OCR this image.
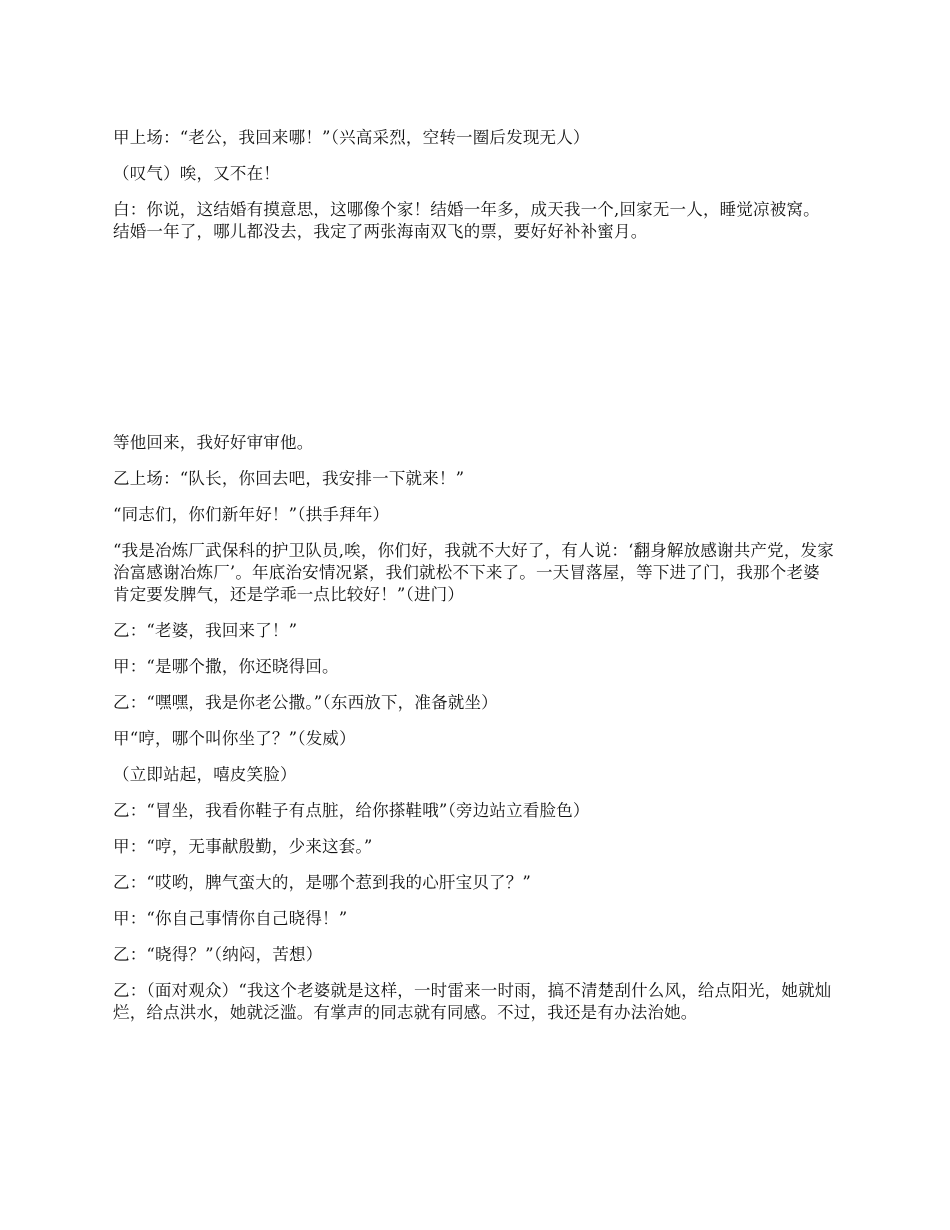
甲上场：“老公，我回来哪！”（兴高采烈，空转一圈后发现无人）

（叹气）唉，又不在！

白：你说，这结婚有摸意思，这哪像个家！结婚一年多，成天我一个,回家无一人，睡觉凉被窝。结婚一年了，哪儿都没去，我定了两张海南双飞的票，要好好补补蜜月。

等他回来，我好好审审他。

乙上场：“队长，你回去吧，我安排一下就来！”

“同志们，你们新年好！”（拱手拜年）

“我是冶炼厂武保科的护卫队员,唉，你们好，我就不大好了，有人说：‘翻身解放感谢共产党，发家治富感谢冶炼厂’。年底治安情况紧，我们就松不下来了。一天冒落屋，等下进了门，我那个老婆肯定要发脾气，还是学乖一点比较好！”（进门）

乙：“老婆，我回来了！”

甲：“是哪个撒，你还晓得回。

乙：“嘿嘿，我是你老公撒。”（东西放下，准备就坐）

甲“哼，哪个叫你坐了？”（发威）

（立即站起，嘻皮笑脸）

乙：“冒坐，我看你鞋子有点脏，给你搽鞋哦”（旁边站立看脸色）

甲：“哼，无事献殷勤，少来这套。”

乙：“哎哟，脾气蛮大的，是哪个惹到我的心肝宝贝了？”

甲：“你自己事情你自己晓得！”

乙：“晓得？”（纳闷，苦想）

乙：（面对观众）“我这个老婆就是这样，一时雷来一时雨，搞不清楚刮什么风，给点阳光，她就灿烂，给点洪水，她就泛滥。有掌声的同志就有同感。不过，我还是有办法治她。
